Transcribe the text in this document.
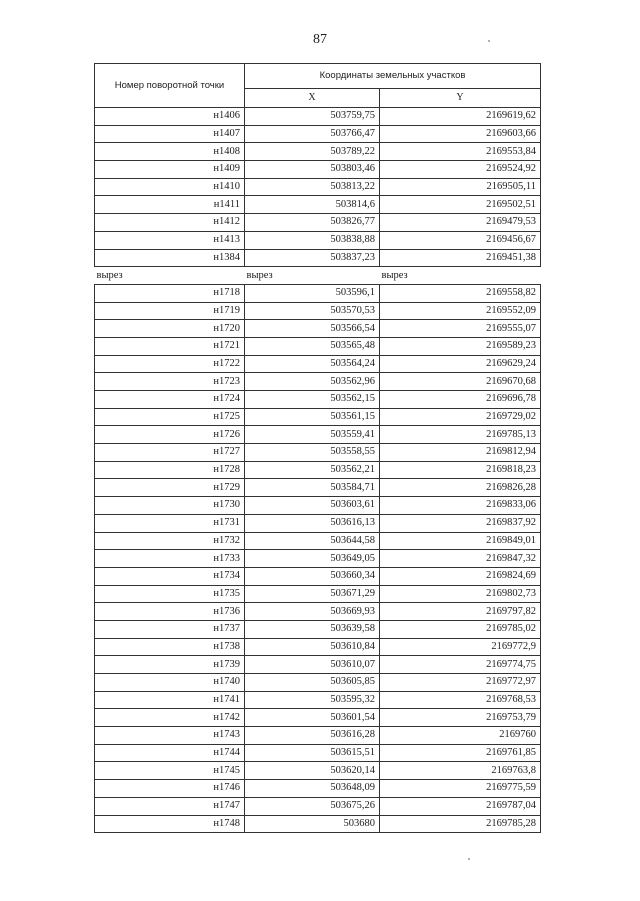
87
Номер поворотной точки	Координаты земельных участков	
	X	Y
н1406	503759,75	2169619,62
н1407	503766,47	2169603,66
н1408	503789,22	2169553,84
н1409	503803,46	2169524,92
н1410	503813,22	2169505,11
н1411	503814,6	2169502,51
н1412	503826,77	2169479,53
н1413	503838,88	2169456,67
н1384	503837,23	2169451,38
вырез	вырез	вырез
н1718	503596,1	2169558,82
н1719	503570,53	2169552,09
н1720	503566,54	2169555,07
н1721	503565,48	2169589,23
н1722	503564,24	2169629,24
н1723	503562,96	2169670,68
н1724	503562,15	2169696,78
н1725	503561,15	2169729,02
н1726	503559,41	2169785,13
н1727	503558,55	2169812,94
н1728	503562,21	2169818,23
н1729	503584,71	2169826,28
н1730	503603,61	2169833,06
н1731	503616,13	2169837,92
н1732	503644,58	2169849,01
н1733	503649,05	2169847,32
н1734	503660,34	2169824,69
н1735	503671,29	2169802,73
н1736	503669,93	2169797,82
н1737	503639,58	2169785,02
н1738	503610,84	2169772,9
н1739	503610,07	2169774,75
н1740	503605,85	2169772,97
н1741	503595,32	2169768,53
н1742	503601,54	2169753,79
н1743	503616,28	2169760
н1744	503615,51	2169761,85
н1745	503620,14	2169763,8
н1746	503648,09	2169775,59
н1747	503675,26	2169787,04
н1748	503680	2169785,28
